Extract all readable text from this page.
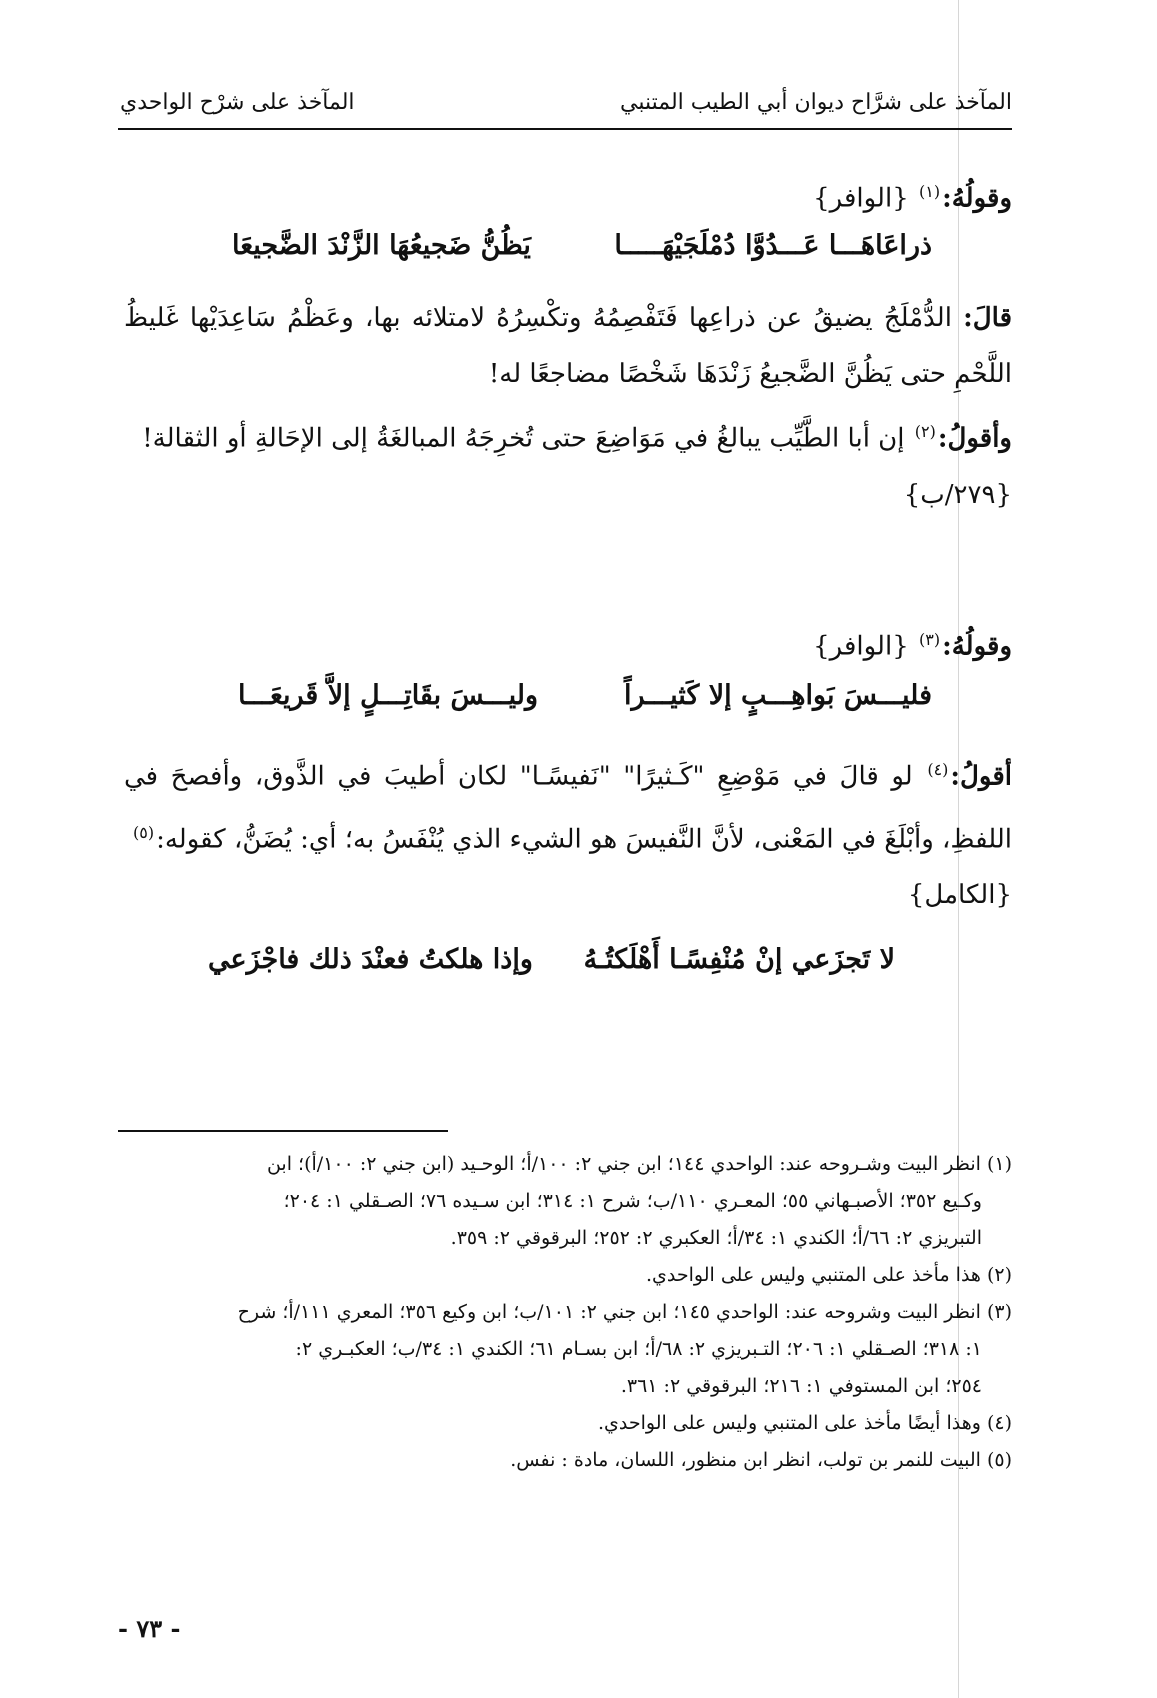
المآخذ على شرَّاح ديوان أبي الطيب المتنبي
المآخذ على شرْح الواحدي
وقولُهُ:$^{(١)}$ {الوافر}
ذراعَاهَـــا عَـــدُوَّا دُمْلَجَيْهَـــــا
يَظُنُّ ضَجيعُهَا الزَّنْدَ الضَّجيعَا
قالَ: الدُّمْلَجُ يضيقُ عن ذراعِها فَتَفْصِمُهُ وتكْسِرُهُ لامتلائه بها، وعَظْمُ سَاعِدَيْها غَليظُ اللَّحْمِ حتى يَظُنَّ الضَّجيعُ زَنْدَهَا شَخْصًا مضاجعًا له!
وأقولُ:$^{(٢)}$ إن أبا الطَّيِّب يبالغُ في مَوَاضِعَ حتى تُخرِجَهُ المبالغَةُ إلى الإحَالةِ أو الثقالة!
{٢٧٩/ب}
وقولُهُ:$^{(٣)}$ {الوافر}
فليـــسَ بَواهِـــبٍ إلا كَثيـــراً
وليـــسَ بقَاتِـــلٍ إلاَّ قَريعَـــا
أقولُ:$^{(٤)}$ لو قالَ في مَوْضِعِ "كَـثيرًا" "نَفيسًـا" لكان أطيبَ في الذَّوق، وأفصحَ في اللفظِ، وأبْلَغَ في المَعْنى، لأنَّ النَّفيسَ هو الشيء الذي يُنْفَسُ به؛ أي: يُضَنُّ، كقوله:$^{(٥)}$
{الكامل}
لا تَجزَعي إنْ مُنْفِسًـا أَهْلَكتُـهُ
وإذا هلكتُ فعنْدَ ذلك فاجْزَعي

(١)انظر البيت وشـروحه عند: الواحدي ١٤٤؛ ابن جني ٢: ١٠٠/أ؛ الوحـيد (ابن جني ٢: ١٠٠/أ)؛ ابن

وكـيع ٣٥٢؛ الأصبـهاني ٥٥؛ المعـري ١١٠/ب؛ شرح ١: ٣١٤؛ ابن سـيده ٧٦؛ الصـقلي ١: ٢٠٤؛

التبريزي ٢: ٦٦/أ؛ الكندي ١: ٣٤/أ؛ العكبري ٢: ٢٥٢؛ البرقوقي ٢: ٣٥٩.

(٢)هذا مأخذ على المتنبي وليس على الواحدي.

(٣)انظر البيت وشروحه عند: الواحدي ١٤٥؛ ابن جني ٢: ١٠١/ب؛ ابن وكيع ٣٥٦؛ المعري ١١١/أ؛ شرح

١: ٣١٨؛ الصـقلي ١: ٢٠٦؛ التـبريزي ٢: ٦٨/أ؛ ابن بسـام ٦١؛ الكندي ١: ٣٤/ب؛ العكبـري ٢:

٢٥٤؛ ابن المستوفي ١: ٢١٦؛ البرقوقي ٢: ٣٦١.

(٤)وهذا أيضًا مأخذ على المتنبي وليس على الواحدي.

(٥)البيت للنمر بن تولب، انظر ابن منظور، اللسان، مادة : نفس.

- ٧٣ -
